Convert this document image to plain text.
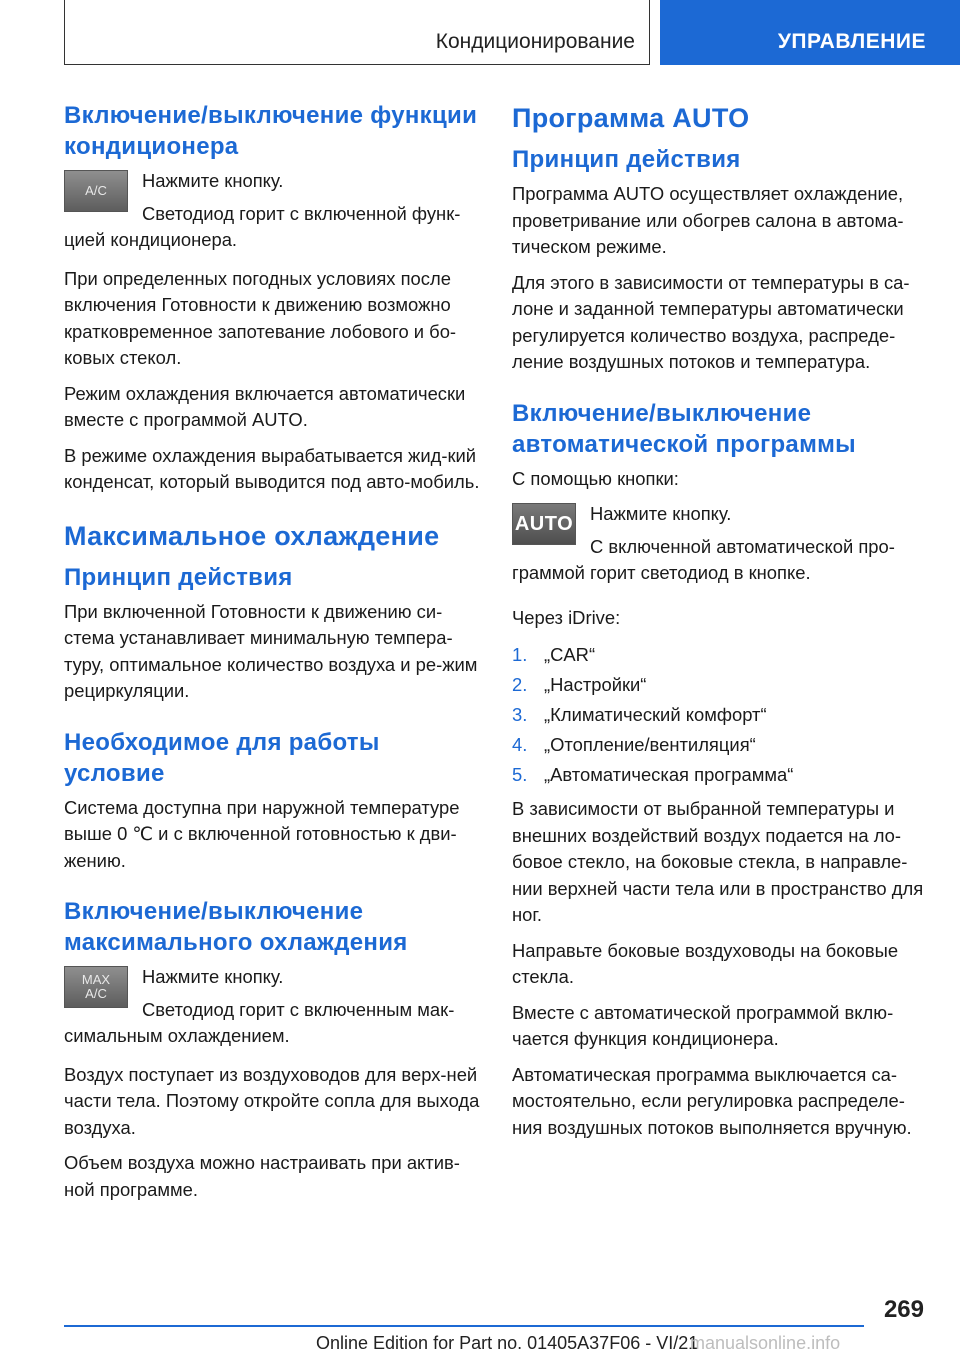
Кондиционирование	УПРАВЛЕНИЕ
Включение/выключение функции кондиционера
A/C	Нажмите кнопку.

Светодиод горит с включенной функ-цией кондиционера.

При определенных погодных условиях после включения Готовности к движению возможно кратковременное запотевание лобового и бо-ковых стекол.

Режим охлаждения включается автоматически вместе с программой AUTO.

В режиме охлаждения вырабатывается жид-кий конденсат, который выводится под авто-мобиль.

Максимальное охлаждение
Принцип действия

При включенной Готовности к движению си-стема устанавливает минимальную темпера-туру, оптимальное количество воздуха и ре-жим рециркуляции.

Необходимое для работы условие

Система доступна при наружной температуре выше 0 ℃ и с включенной готовностью к дви-жению.

Включение/выключение максимального охлаждения
MAX
A/C

Нажмите кнопку.

Светодиод горит с включенным мак-симальным охлаждением.

Воздух поступает из воздуховодов для верх-ней части тела. Поэтому откройте сопла для выхода воздуха.

Объем воздуха можно настраивать при актив-ной программе.

Программа AUTO
Принцип действия

Программа AUTO осуществляет охлаждение, проветривание или обогрев салона в автома-тическом режиме.

Для этого в зависимости от температуры в са-лоне и заданной температуры автоматически регулируется количество воздуха, распреде-ление воздушных потоков и температура.

Включение/выключение автоматической программы

С помощью кнопки:

AUTO Нажмите кнопку.

С включенной автоматической про-граммой горит светодиод в кнопке.

Через iDrive:

1. „CAR“
2. „Настройки“
3. „Климатический комфорт“
4. „Отопление/вентиляция“
5. „Автоматическая программа“

В зависимости от выбранной температуры и внешних воздействий воздух подается на ло-бовое стекло, на боковые стекла, в направле-нии верхней части тела или в пространство для ног.

Направьте боковые воздуховоды на боковые стекла.

Вместе с автоматической программой вклю-чается функция кондиционера.

Автоматическая программа выключается са-мостоятельно, если регулировка распределе-ния воздушных потоков выполняется вручную.

269
Online Edition for Part no. 01405A37F06 - VI/21
manualsonline.info
